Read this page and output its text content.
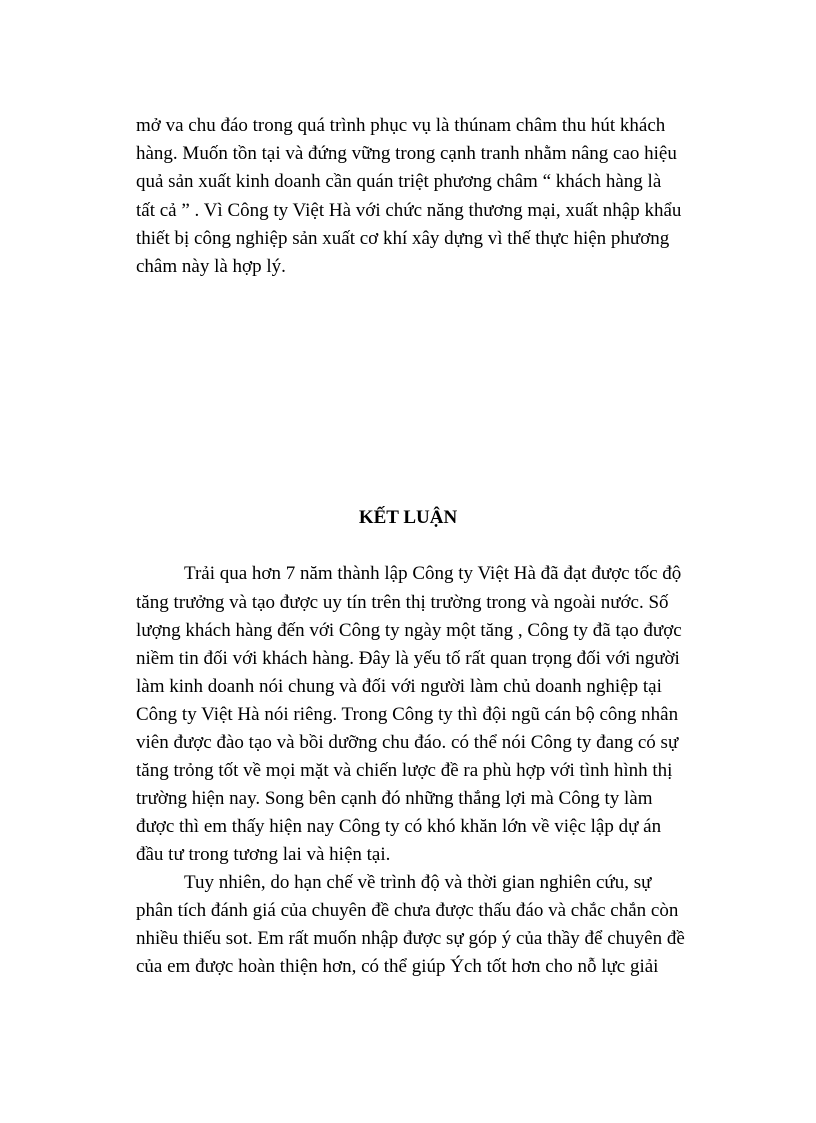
mở va chu đáo trong quá trình phục vụ là thúnam châm thu hút khách
hàng. Muốn tồn tại và đứng vững trong cạnh tranh nhằm nâng cao hiệu
quả sản xuất kinh doanh cần quán triệt phương châm “ khách hàng là
tất cả ” . Vì Công ty Việt Hà với chức năng thương mại, xuất nhập khẩu
thiết bị công nghiệp sản xuất cơ khí xây dựng vì thế thực hiện phương
châm này là hợp lý.
KẾT LUẬN
Trải qua hơn 7 năm thành lập Công ty Việt Hà đã đạt được tốc độ
tăng trưởng và tạo được uy tín trên thị trường trong và ngoài nước. Số
lượng khách hàng đến với Công ty ngày một tăng , Công ty đã tạo được
niềm tin đối với khách hàng. Đây là yếu tố rất quan trọng đối với người
làm kinh doanh nói chung và đối với người làm chủ doanh nghiệp tại
Công ty Việt Hà nói riêng. Trong Công ty thì đội ngũ cán bộ công nhân
viên được đào tạo và bồi dưỡng chu đáo. có thể nói Công ty đang có sự
tăng trỏng tốt về mọi mặt và chiến lược đề ra phù hợp với tình hình thị
trường hiện nay. Song bên cạnh đó những thắng lợi mà Công ty làm
được thì em thấy hiện nay Công ty có khó khăn lớn về việc lập dự án
đầu tư trong tương lai và hiện tại.
Tuy nhiên, do hạn chế về trình độ và thời gian nghiên cứu, sự
phân tích đánh giá của chuyên đề chưa được thấu đáo và chắc chắn còn
nhiều thiếu sot. Em rất muốn nhập được sự góp ý của thầy để chuyên đề
của em được hoàn thiện hơn, có thể giúp Ých tốt hơn cho nỗ lực giải
